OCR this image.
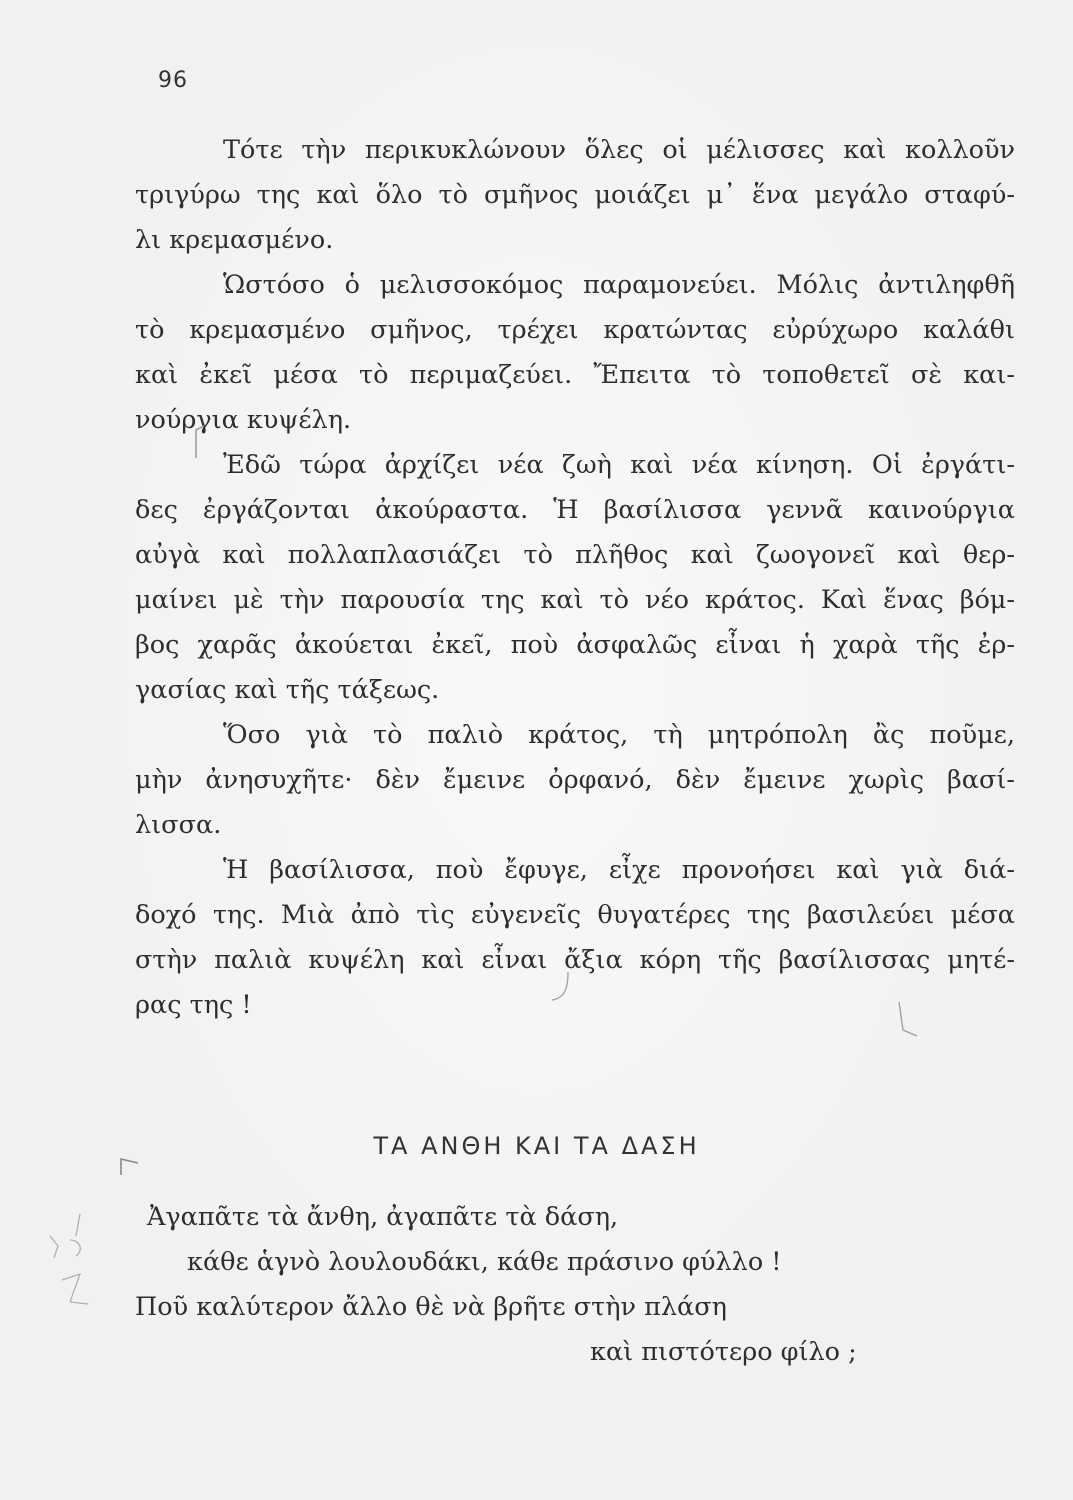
96
Τότε τὴν περικυκλώνουν ὅλες οἱ μέλισσες καὶ κολλοῦν
τριγύρω της καὶ ὅλο τὸ σμῆνος μοιάζει μ᾽ ἕνα μεγάλο σταφύ-
λι κρεμασμένο.
Ὡστόσο ὁ μελισσοκόμος παραμονεύει. Μόλις ἀντιληφθῆ
τὸ κρεμασμένο σμῆνος, τρέχει κρατώντας εὐρύχωρο καλάθι
καὶ ἐκεῖ μέσα τὸ περιμαζεύει. Ἔπειτα τὸ τοποθετεῖ σὲ και-
νούργια κυψέλη.
Ἐδῶ τώρα ἀρχίζει νέα ζωὴ καὶ νέα κίνηση. Οἱ ἐργάτι-
δες ἐργάζονται ἀκούραστα. Ἡ βασίλισσα γεννᾶ καινούργια
αὐγὰ καὶ πολλαπλασιάζει τὸ πλῆθος καὶ ζωογονεῖ καὶ θερ-
μαίνει μὲ τὴν παρουσία της καὶ τὸ νέο κράτος. Καὶ ἕνας βόμ-
βος χαρᾶς ἀκούεται ἐκεῖ, ποὺ ἀσφαλῶς εἶναι ἡ χαρὰ τῆς ἐρ-
γασίας καὶ τῆς τάξεως.
Ὅσο γιὰ τὸ παλιὸ κράτος, τὴ μητρόπολη ἂς ποῦμε,
μὴν ἀνησυχῆτε· δὲν ἔμεινε ὀρφανό, δὲν ἔμεινε χωρὶς βασί-
λισσα.
Ἡ βασίλισσα, ποὺ ἔφυγε, εἶχε προνοήσει καὶ γιὰ διά-
δοχό της. Μιὰ ἀπὸ τὶς εὐγενεῖς θυγατέρες της βασιλεύει μέσα
στὴν παλιὰ κυψέλη καὶ εἶναι ἄξια κόρη τῆς βασίλισσας μητέ-
ρας της !
ΤΑ ΑΝΘΗ ΚΑΙ ΤΑ ΔΑΣΗ
Ἀγαπᾶτε τὰ ἄνθη, ἀγαπᾶτε τὰ δάση,
κάθε ἁγνὸ λουλουδάκι, κάθε πράσινο φύλλο !
Ποῦ καλύτερον ἄλλο θὲ νὰ βρῆτε στὴν πλάση
καὶ πιστότερο φίλο ;
